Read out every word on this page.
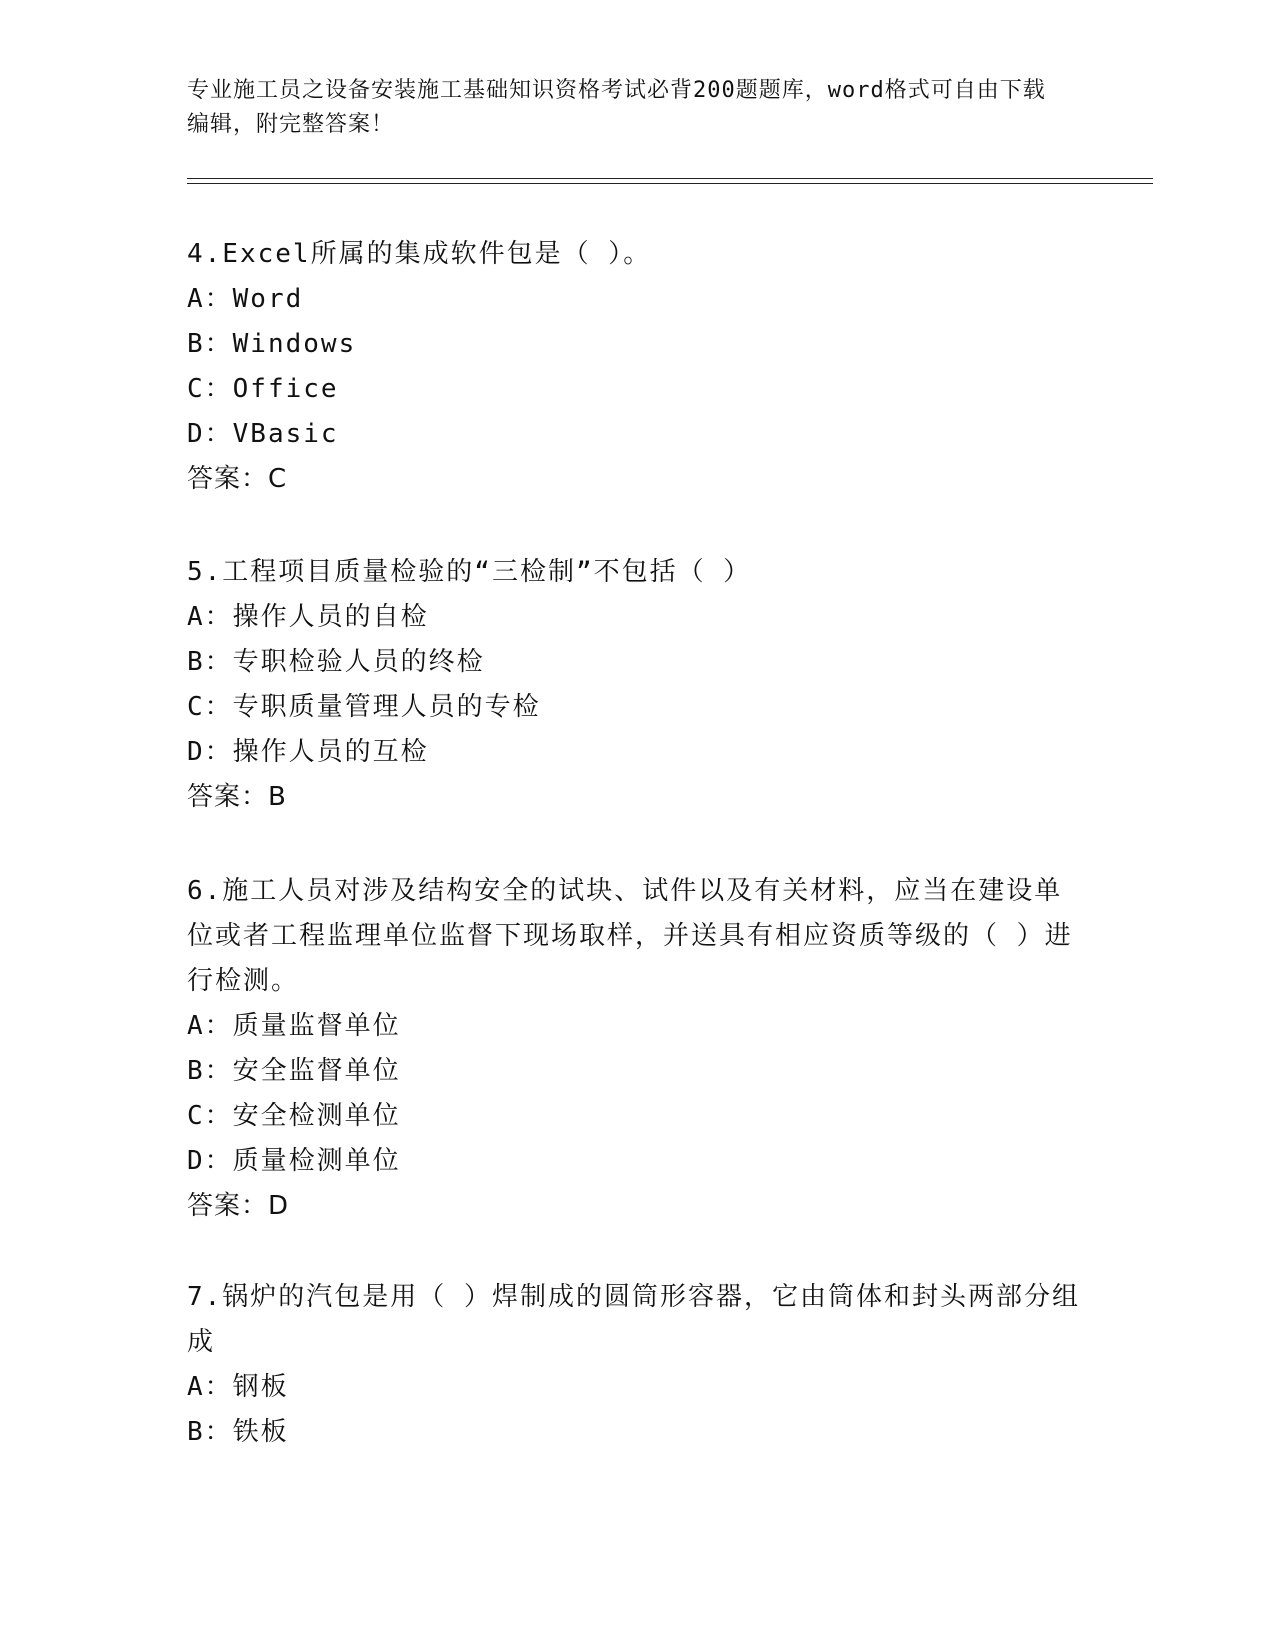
专业施工员之设备安装施工基础知识资格考试必背200题题库，word格式可自由下载编辑，附完整答案！
4.Excel所属的集成软件包是（ ）。
A：Word
B：Windows
C：Office
D：VBasic
答案：C
5.工程项目质量检验的“三检制”不包括（ ）
A：操作人员的自检
B：专职检验人员的终检
C：专职质量管理人员的专检
D：操作人员的互检
答案：B
6.施工人员对涉及结构安全的试块、试件以及有关材料，应当在建设单位或者工程监理单位监督下现场取样，并送具有相应资质等级的（ ）进行检测。
A：质量监督单位
B：安全监督单位
C：安全检测单位
D：质量检测单位
答案：D
7.锅炉的汽包是用（ ）焊制成的圆筒形容器，它由筒体和封头两部分组成
A：钢板
B：铁板
